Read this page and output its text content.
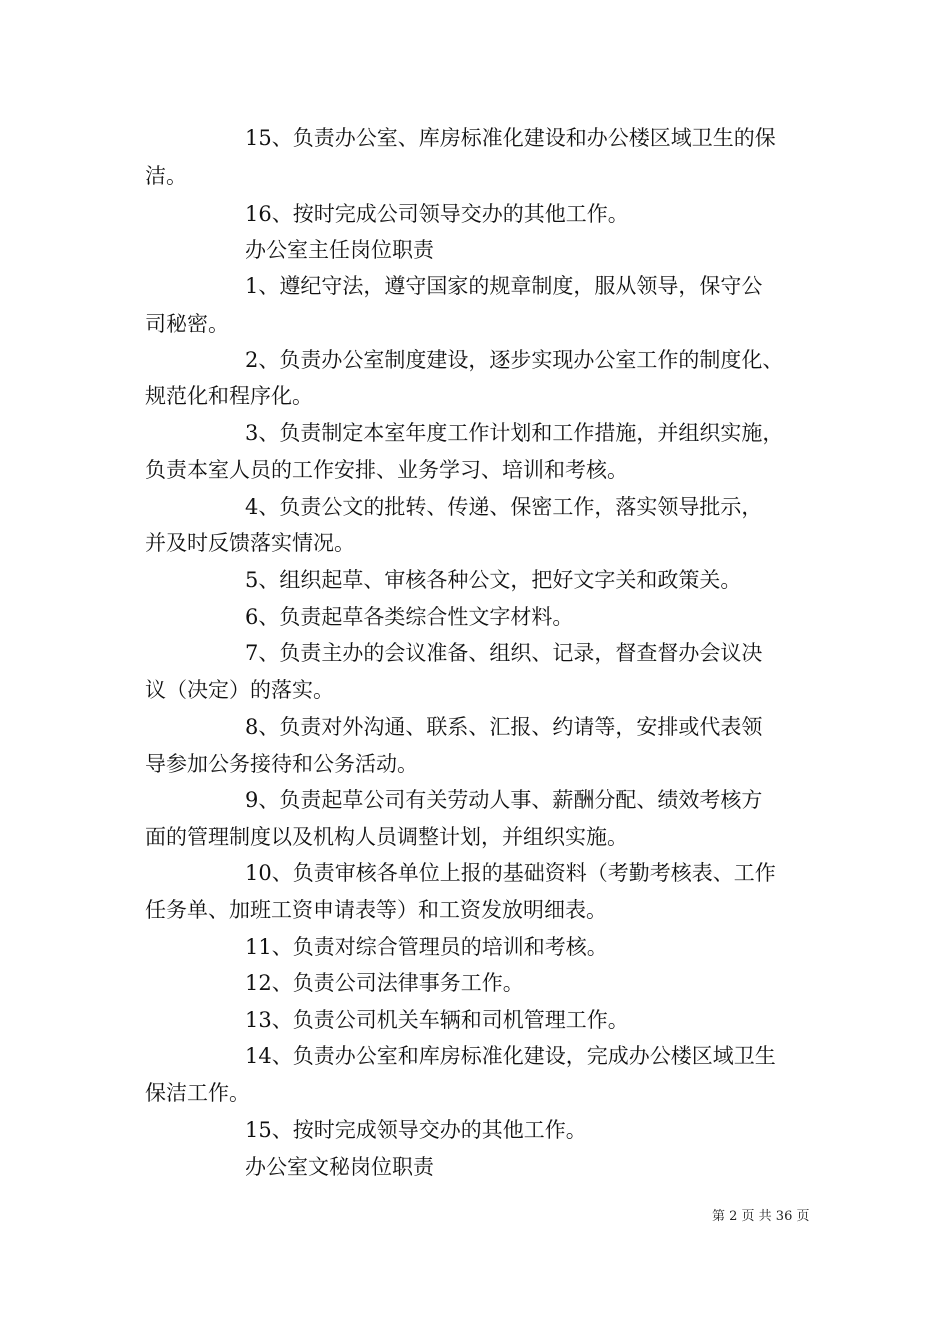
15、负责办公室、库房标准化建设和办公楼区域卫生的保

洁。

16、按时完成公司领导交办的其他工作。

办公室主任岗位职责

1、遵纪守法，遵守国家的规章制度，服从领导，保守公

司秘密。

2、负责办公室制度建设，逐步实现办公室工作的制度化、

规范化和程序化。

3、负责制定本室年度工作计划和工作措施，并组织实施，

负责本室人员的工作安排、业务学习、培训和考核。

4、负责公文的批转、传递、保密工作，落实领导批示，

并及时反馈落实情况。

5、组织起草、审核各种公文，把好文字关和政策关。

6、负责起草各类综合性文字材料。

7、负责主办的会议准备、组织、记录，督查督办会议决

议（决定）的落实。

8、负责对外沟通、联系、汇报、约请等，安排或代表领

导参加公务接待和公务活动。

9、负责起草公司有关劳动人事、薪酬分配、绩效考核方

面的管理制度以及机构人员调整计划，并组织实施。

10、负责审核各单位上报的基础资料（考勤考核表、工作

任务单、加班工资申请表等）和工资发放明细表。

11、负责对综合管理员的培训和考核。

12、负责公司法律事务工作。

13、负责公司机关车辆和司机管理工作。

14、负责办公室和库房标准化建设，完成办公楼区域卫生

保洁工作。

15、按时完成领导交办的其他工作。

办公室文秘岗位职责

第 2 页 共 36 页
